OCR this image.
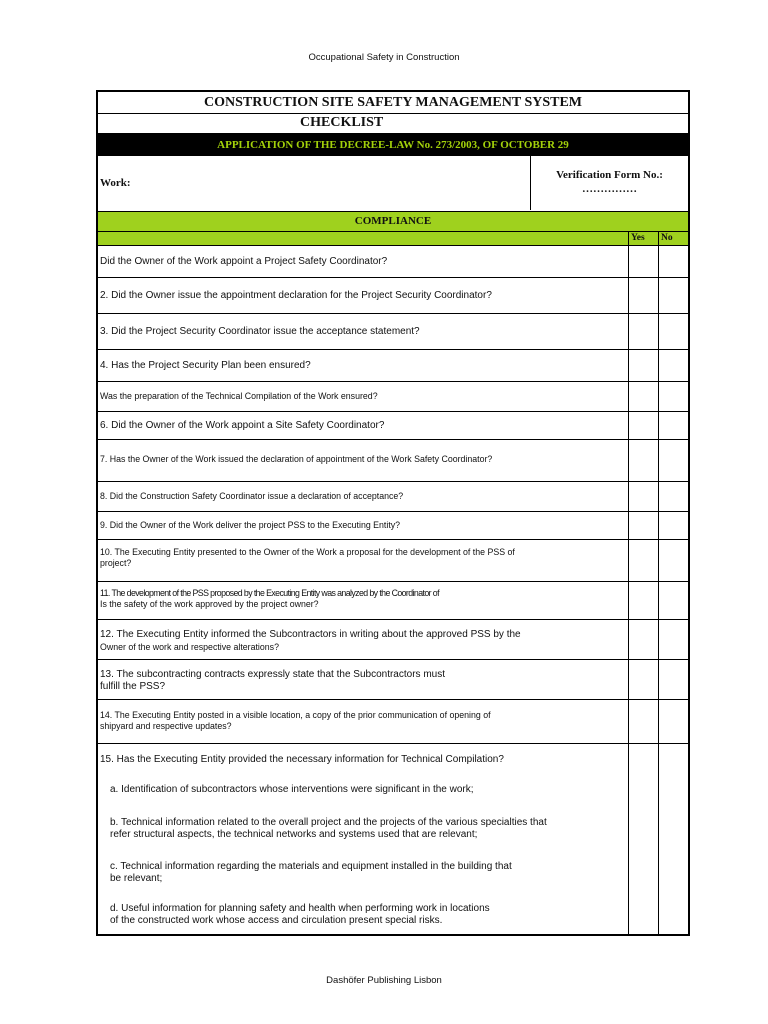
Occupational Safety in Construction
CONSTRUCTION SITE SAFETY MANAGEMENT SYSTEM
CHECKLIST
APPLICATION OF THE DECREE-LAW No. 273/2003, OF OCTOBER 29
Work:
Verification Form No.:
……………
COMPLIANCE
Yes	No
Did the Owner of the Work appoint a Project Safety Coordinator?
2. Did the Owner issue the appointment declaration for the Project Security Coordinator?
3. Did the Project Security Coordinator issue the acceptance statement?
4. Has the Project Security Plan been ensured?
Was the preparation of the Technical Compilation of the Work ensured?
6. Did the Owner of the Work appoint a Site Safety Coordinator?
7. Has the Owner of the Work issued the declaration of appointment of the Work Safety Coordinator?
8. Did the Construction Safety Coordinator issue a declaration of acceptance?
9. Did the Owner of the Work deliver the project PSS to the Executing Entity?
10. The Executing Entity presented to the Owner of the Work a proposal for the development of the PSS of
project?
11. The development of the PSS proposed by the Executing Entity was analyzed by the Coordinator of
Is the safety of the work approved by the project owner?
12. The Executing Entity informed the Subcontractors in writing about the approved PSS by the
Owner of the work and respective alterations?
13. The subcontracting contracts expressly state that the Subcontractors must
fulfill the PSS?
14. The Executing Entity posted in a visible location, a copy of the prior communication of opening of
shipyard and respective updates?
15. Has the Executing Entity provided the necessary information for Technical Compilation?
a. Identification of subcontractors whose interventions were significant in the work;
b. Technical information related to the overall project and the projects of the various specialties that
refer structural aspects, the technical networks and systems used that are relevant;
c. Technical information regarding the materials and equipment installed in the building that
be relevant;
d. Useful information for planning safety and health when performing work in locations
of the constructed work whose access and circulation present special risks.
Dashöfer Publishing Lisbon
